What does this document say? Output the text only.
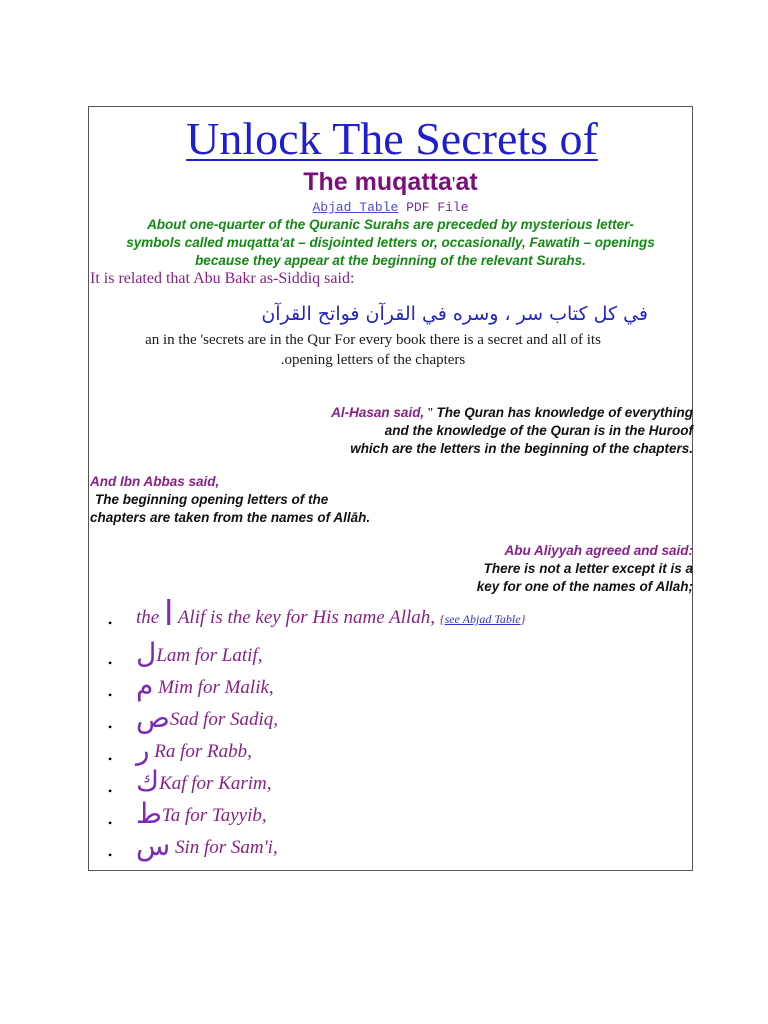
Unlock The Secrets of
The muqatta'at
Abjad Table PDF File
About one-quarter of the Quranic Surahs are preceded by mysterious letter-
symbols called muqatta'at – disjointed letters or, occasionally, Fawatih – openings
because they appear at the beginning of the relevant Surahs.
It is related that Abu Bakr as-Siddiq said:
في كل كتاب سر ، وسره في القرآن فواتح القرآن
an in the 'secrets are in the Qur For every book there is a secret and all of its
.opening letters of the chapters
Al-Hasan said, " The Quran has knowledge of everything
and the knowledge of the Quran is in the Huroof
which are the letters in the beginning of the chapters.
And Ibn Abbas said,
The beginning opening letters of the
chapters are taken from the names of Allāh.
Abu Aliyyah agreed and said:
There is not a letter except it is a
key for one of the names of Allah;
• the ا Alif is the key for His name Allah, {see Abjad Table}
• لLam for Latif,
• م Mim for Malik,
• صSad for Sadiq,
• ر Ra for Rabb,
• كKaf for Karim,
• طTa for Tayyib,
• س Sin for Sam'i,
